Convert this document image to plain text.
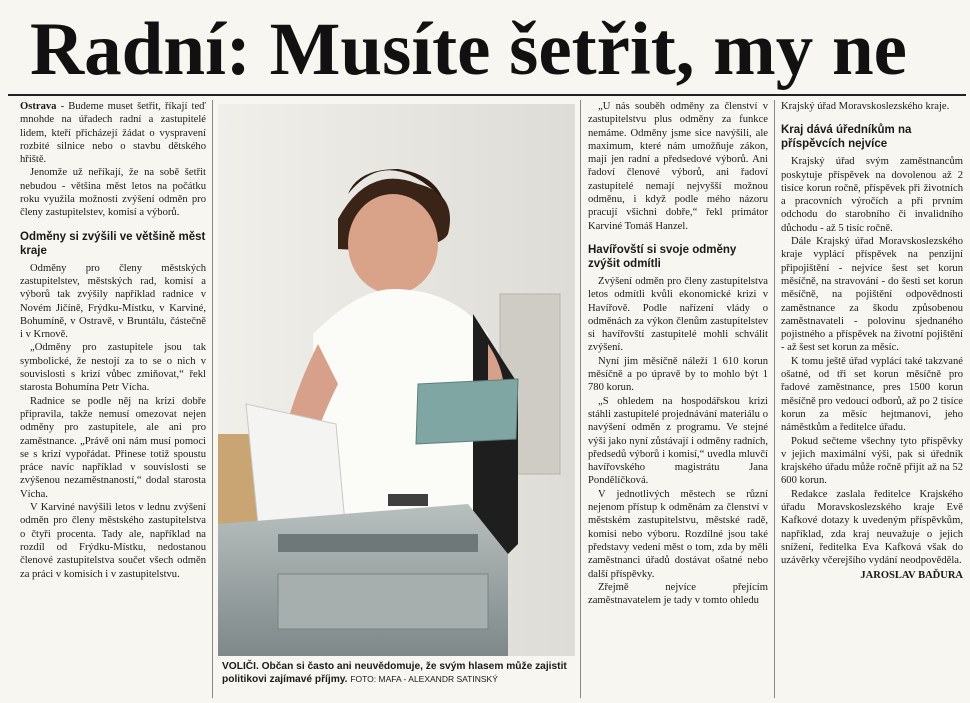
Radní: Musíte šetřit, my ne

Ostrava - Budeme muset šetřit, říkají teď mnohde na úřadech radní a zastupitelé lidem, kteří přicházejí žádat o vyspravení rozbité silnice nebo o stavbu dětského hřiště.

Jenomže už neříkají, že na sobě šetřit nebudou - většina měst letos na počátku roku využila možnosti zvýšení odměn pro členy zastupitelstev, komisí a výborů.

Odměny si zvýšili ve většině měst kraje

Odměny pro členy městských zastupitelstev, městských rad, komisí a výborů tak zvýšily například radnice v Novém Jičíně, Frýdku-Místku, v Karviné, Bohumíně, v Ostravě, v Bruntálu, částečně i v Krnově.

„Odměny pro zastupitele jsou tak symbolické, že nestojí za to se o nich v souvislosti s krizí vůbec zmiňovat,“ řekl starosta Bohumína Petr Vícha.

Radnice se podle něj na krizi dobře připravila, takže nemusí omezovat nejen odměny pro zastupitele, ale ani pro zaměstnance. „Právě oni nám musí pomoci se s krizí vypořádat. Přinese totiž spoustu práce navíc například v souvislosti se zvýšenou nezaměstnaností,“ dodal starosta Vícha.

V Karviné navýšili letos v lednu zvýšení odměn pro členy městského zastupitelstva o čtyři procenta. Tady ale, například na rozdíl od Frýdku-Místku, nedostanou členové zastupitelstva součet všech odměn za práci v komisích i v zastupitelstvu.

VOLIČI. Občan si často ani neuvědomuje, že svým hlasem může zajistit politikovi zajímavé příjmy. FOTO: MAFA - ALEXANDR SATINSKÝ

„U nás souběh odměny za členství v zastupitelstvu plus odměny za funkce nemáme. Odměny jsme sice navýšili, ale maximum, které nám umožňuje zákon, mají jen radní a předsedové výborů. Ani řadoví členové výborů, ani řadoví zastupitelé nemají nejvyšší možnou odměnu, i když podle mého názoru pracují všichni dobře,“ řekl primátor Karviné Tomáš Hanzel.

Havířovští si svoje odměny zvýšit odmítli

Zvýšení odměn pro členy zastupitelstva letos odmítli kvůli ekonomické krizi v Havířově. Podle nařízení vlády o odměnách za výkon členům zastupitelstev si havířovští zastupitelé mohli schválit zvýšení.

Nyní jim měsíčně náleží 1 610 korun měsíčně a po úpravě by to mohlo být 1 780 korun.

„S ohledem na hospodářskou krizi stáhli zastupitelé projednávání materiálu o navýšení odměn z programu. Ve stejné výši jako nyní zůstávají i odměny radních, předsedů výborů i komisí,“ uvedla mluvčí havířovského magistrátu Jana Pondělíčková.

V jednotlivých městech se různí nejenom přístup k odměnám za členství v městském zastupitelstvu, městské radě, komisi nebo výboru. Rozdílné jsou také představy vedení měst o tom, zda by měli zaměstnanci úřadů dostávat ošatné nebo další příspěvky.

Zřejmě nejvíce přejícím zaměstnavatelem je tady v tomto ohledu

Krajský úřad Moravskoslezského kraje.

Kraj dává úředníkům na příspěvcích nejvíce

Krajský úřad svým zaměstnancům poskytuje příspěvek na dovolenou až 2 tisíce korun ročně, příspěvek při životních a pracovních výročích a při prvním odchodu do starobního či invalidního důchodu - až 5 tisíc ročně.

Dále Krajský úřad Moravskoslezského kraje vyplácí příspěvek na penzijní připojištění - nejvíce šest set korun měsíčně, na stravování - do šesti set korun měsíčně, na pojištění odpovědnosti zaměstnance za škodu způsobenou zaměstnavateli - polovinu sjednaného pojistného a příspěvek na životní pojištění - až šest set korun za měsíc.

K tomu ještě úřad vyplácí také takzvané ošatné, od tři set korun měsíčně pro řadové zaměstnance, pres 1500 korun měsíčně pro vedoucí odborů, až po 2 tisíce korun za měsíc hejtmanovi, jeho náměstkům a ředitelce úřadu.

Pokud sečteme všechny tyto příspěvky v jejich maximální výši, pak si úředník krajského úřadu může ročně přijít až na 52 600 korun.

Redakce zaslala ředitelce Krajského úřadu Moravskoslezského kraje Evě Kafkové dotazy k uvedeným příspěvkům, například, zda kraj neuvažuje o jejich snížení, ředitelka Eva Kafková však do uzávěrky včerejšího vydání neodpověděla.

JAROSLAV BAĎURA
